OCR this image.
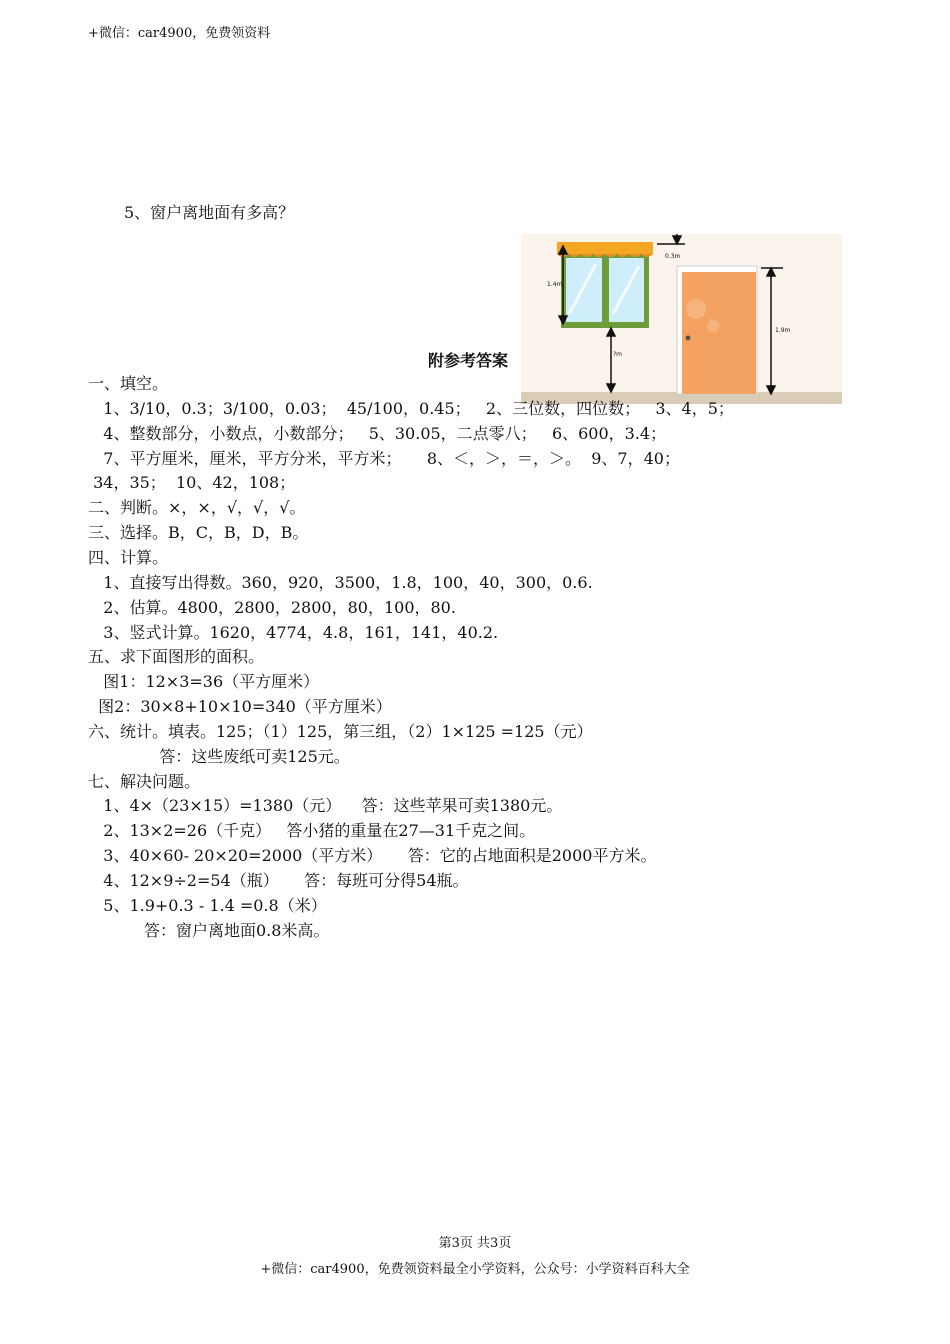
+微信：car4900，免费领资料
5、窗户离地面有多高？
1.4m
?m
0.3m
1.9m
附参考答案
一、填空。
1、3/10，0.3；3/100，0.03；  45/100，0.45；   2、三位数，四位数；   3、4，5；
4、整数部分，小数点，小数部分；   5、30.05，二点零八；   6、600，3.4；
7、平方厘米，厘米，平方分米，平方米；     8、＜，＞，＝，＞。  9、7，40；
34，35；  10、42，108；
二、判断。×，×，√，√，√。
三、选择。B，C，B，D，B。
四、计算。
1、直接写出得数。360，920，3500，1.8，100，40，300，0.6.
2、估算。4800，2800，2800，80，100，80.
3、竖式计算。1620，4774，4.8，161，141，40.2.
五、求下面图形的面积。
图1：12×3=36（平方厘米）
图2：30×8+10×10=340（平方厘米）
六、统计。填表。125；（1）125，第三组，（2）1×125 =125（元）
答：这些废纸可卖125元。
七、解决问题。
1、4×（23×15）=1380（元）    答：这些苹果可卖1380元。
2、13×2=26（千克）   答小猪的重量在27—31千克之间。
3、40×60- 20×20=2000（平方米）     答：它的占地面积是2000平方米。
4、12×9÷2=54（瓶）     答：每班可分得54瓶。
5、1.9+0.3 - 1.4 =0.8（米）
答：窗户离地面0.8米高。
第3页 共3页
+微信：car4900，免费领资料最全小学资料，公众号：小学资料百科大全
